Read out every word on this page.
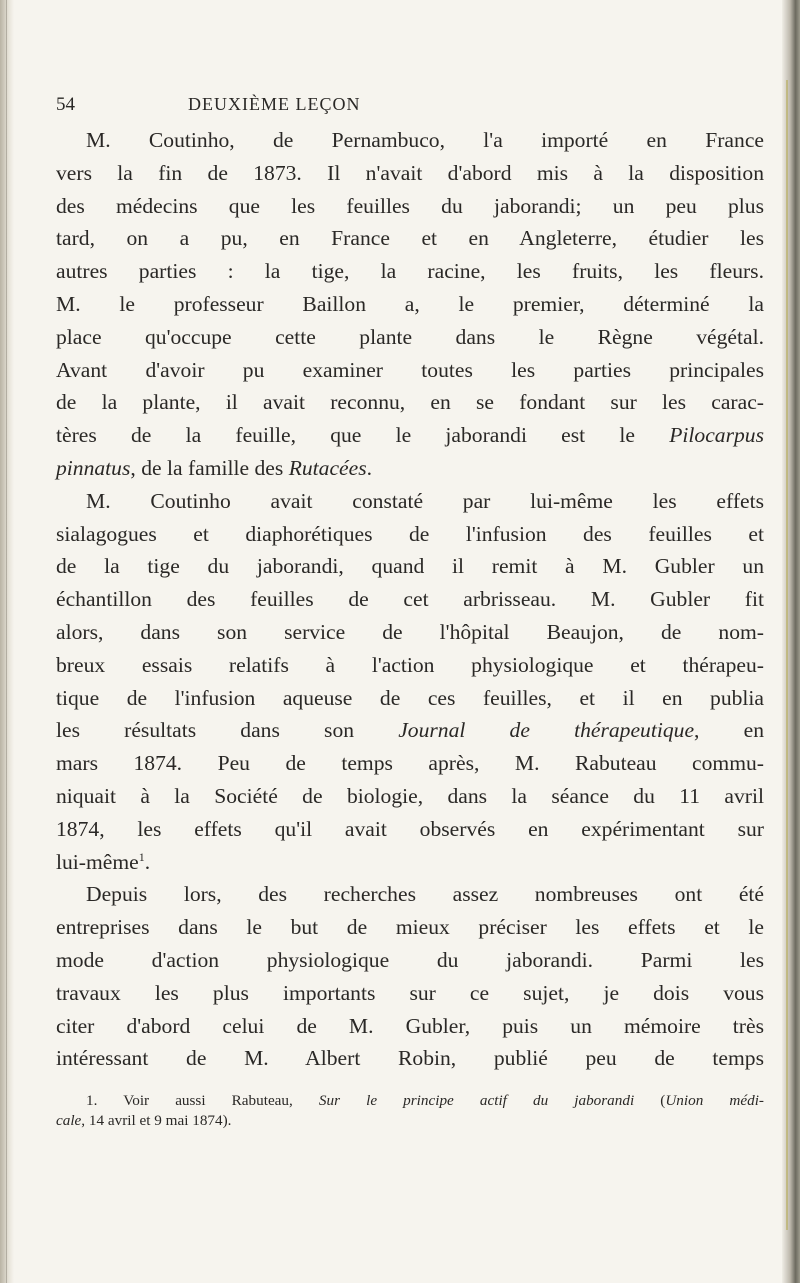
54	DEUXIÈME LEÇON
M. Coutinho, de Pernambuco, l'a importé en France
vers la fin de 1873. Il n'avait d'abord mis à la disposition
des médecins que les feuilles du jaborandi; un peu plus
tard, on a pu, en France et en Angleterre, étudier les
autres parties : la tige, la racine, les fruits, les fleurs.
M. le professeur Baillon a, le premier, déterminé la
place qu'occupe cette plante dans le Règne végétal.
Avant d'avoir pu examiner toutes les parties principales
de la plante, il avait reconnu, en se fondant sur les carac-
tères de la feuille, que le jaborandi est le Pilocarpus
pinnatus, de la famille des Rutacées.
M. Coutinho avait constaté par lui-même les effets
sialagogues et diaphorétiques de l'infusion des feuilles et
de la tige du jaborandi, quand il remit à M. Gubler un
échantillon des feuilles de cet arbrisseau. M. Gubler fit
alors, dans son service de l'hôpital Beaujon, de nom-
breux essais relatifs à l'action physiologique et thérapeu-
tique de l'infusion aqueuse de ces feuilles, et il en publia
les résultats dans son Journal de thérapeutique, en
mars 1874. Peu de temps après, M. Rabuteau commu-
niquait à la Société de biologie, dans la séance du 11 avril
1874, les effets qu'il avait observés en expérimentant sur
lui-même$^1$.
Depuis lors, des recherches assez nombreuses ont été
entreprises dans le but de mieux préciser les effets et le
mode d'action physiologique du jaborandi. Parmi les
travaux les plus importants sur ce sujet, je dois vous
citer d'abord celui de M. Gubler, puis un mémoire très
intéressant de M. Albert Robin, publié peu de temps
1. Voir aussi Rabuteau, Sur le principe actif du jaborandi (Union médi-
cale, 14 avril et 9 mai 1874).
